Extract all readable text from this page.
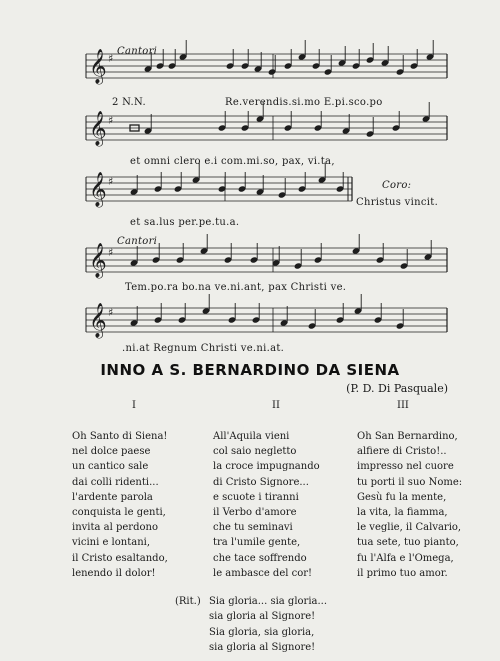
𝄞 ♯
𝄞 ♯
𝄞 ♯
𝄞 ♯
𝄞 ♯
Cantori
2 N.N.	Re.verendis.si.mo E.pi.sco.po
et omni clero e.i com.mi.so, pax, vi.ta,
Coro:
et sa.lus per.pe.tu.a.
Christus vincit.
Cantori
Tem.po.ra bo.na ve.ni.ant, pax Christi ve.
.ni.at Regnum Christi ve.ni.at.
INNO A S. BERNARDINO DA SIENA
(P. D. Di Pasquale)
I	II	III
Oh Santo di Siena!
nel dolce paese
un cantico sale
dai colli ridenti...
l'ardente parola
conquista le genti,
invita al perdono
vicini e lontani,
il Cristo esaltando,
lenendo il dolor!
All'Aquila vieni
col saio negletto
la croce impugnando
di Cristo Signore...
e scuote i tiranni
il Verbo d'amore
che tu seminavi
tra l'umile gente,
che tace soffrendo
le ambasce del cor!
Oh San Bernardino,
alfiere di Cristo!..
impresso nel cuore
tu porti il suo Nome:
Gesù fu la mente,
la vita, la fiamma,
le veglie, il Calvario,
tua sete, tuo pianto,
fu l'Alfa e l'Omega,
il primo tuo amor.
(Rit.) Sia gloria... sia gloria...
sia gloria al Signore!
Sia gloria, sia gloria,
sia gloria al Signore!
